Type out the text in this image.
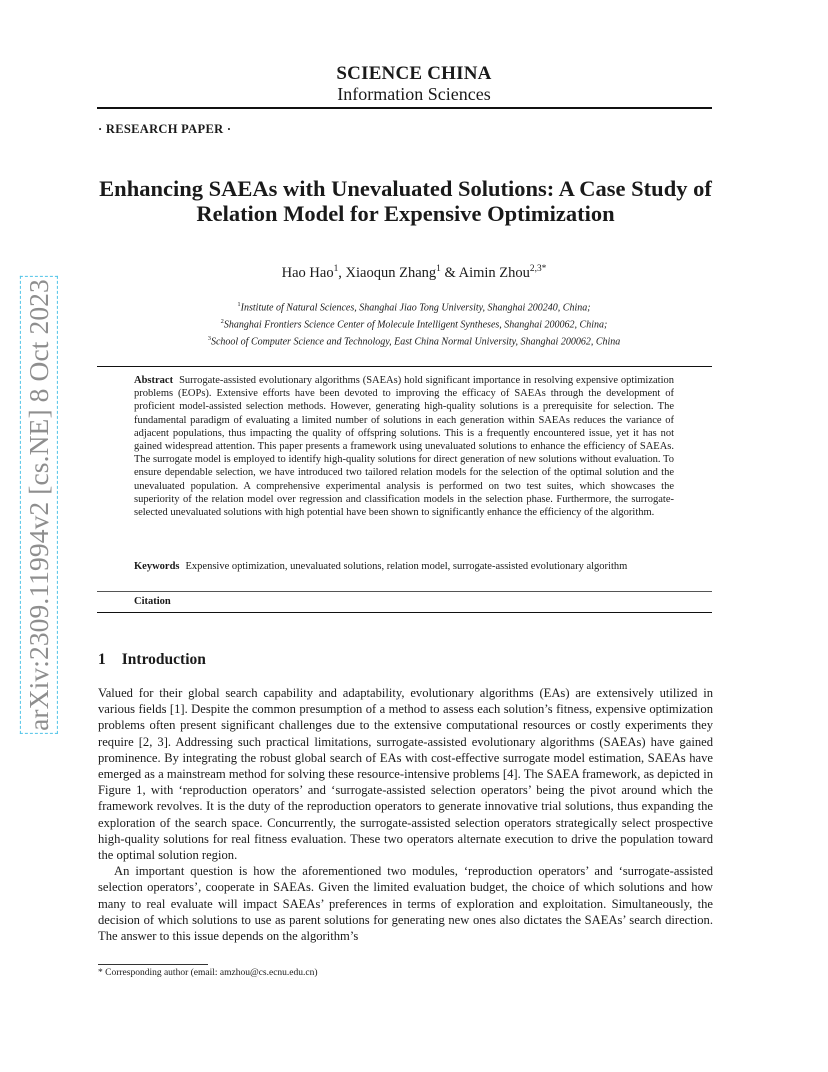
arXiv:2309.11994v2 [cs.NE] 8 Oct 2023
SCIENCE CHINA
Information Sciences
· RESEARCH PAPER ·
Enhancing SAEAs with Unevaluated Solutions: A Case Study of Relation Model for Expensive Optimization
Hao Hao$^1$, Xiaoqun Zhang$^1$ & Aimin Zhou$^{2,3*}$
$^1$Institute of Natural Sciences, Shanghai Jiao Tong University, Shanghai 200240, China;
$^2$Shanghai Frontiers Science Center of Molecule Intelligent Syntheses, Shanghai 200062, China;
$^3$School of Computer Science and Technology, East China Normal University, Shanghai 200062, China
Abstract Surrogate-assisted evolutionary algorithms (SAEAs) hold significant importance in resolving expensive optimization problems (EOPs). Extensive efforts have been devoted to improving the efficacy of SAEAs through the development of proficient model-assisted selection methods. However, generating high-quality solutions is a prerequisite for selection. The fundamental paradigm of evaluating a limited number of solutions in each generation within SAEAs reduces the variance of adjacent populations, thus impacting the quality of offspring solutions. This is a frequently encountered issue, yet it has not gained widespread attention. This paper presents a framework using unevaluated solutions to enhance the efficiency of SAEAs. The surrogate model is employed to identify high-quality solutions for direct generation of new solutions without evaluation. To ensure dependable selection, we have introduced two tailored relation models for the selection of the optimal solution and the unevaluated population. A comprehensive experimental analysis is performed on two test suites, which showcases the superiority of the relation model over regression and classification models in the selection phase. Furthermore, the surrogate-selected unevaluated solutions with high potential have been shown to significantly enhance the efficiency of the algorithm.
Keywords Expensive optimization, unevaluated solutions, relation model, surrogate-assisted evolutionary algorithm
Citation
1 Introduction

Valued for their global search capability and adaptability, evolutionary algorithms (EAs) are extensively utilized in various fields [1]. Despite the common presumption of a method to assess each solution’s fitness, expensive optimization problems often present significant challenges due to the extensive computational resources or costly experiments they require [2, 3]. Addressing such practical limitations, surrogate-assisted evolutionary algorithms (SAEAs) have gained prominence. By integrating the robust global search of EAs with cost-effective surrogate model estimation, SAEAs have emerged as a mainstream method for solving these resource-intensive problems [4]. The SAEA framework, as depicted in Figure 1, with ‘reproduction operators’ and ‘surrogate-assisted selection operators’ being the pivot around which the framework revolves. It is the duty of the reproduction operators to generate innovative trial solutions, thus expanding the exploration of the search space. Concurrently, the surrogate-assisted selection operators strategically select prospective high-quality solutions for real fitness evaluation. These two operators alternate execution to drive the population toward the optimal solution region.

An important question is how the aforementioned two modules, ‘reproduction operators’ and ‘surrogate-assisted selection operators’, cooperate in SAEAs. Given the limited evaluation budget, the choice of which solutions and how many to real evaluate will impact SAEAs’ preferences in terms of exploration and exploitation. Simultaneously, the decision of which solutions to use as parent solutions for generating new ones also dictates the SAEAs’ search direction. The answer to this issue depends on the algorithm’s

* Corresponding author (email: amzhou@cs.ecnu.edu.cn)
